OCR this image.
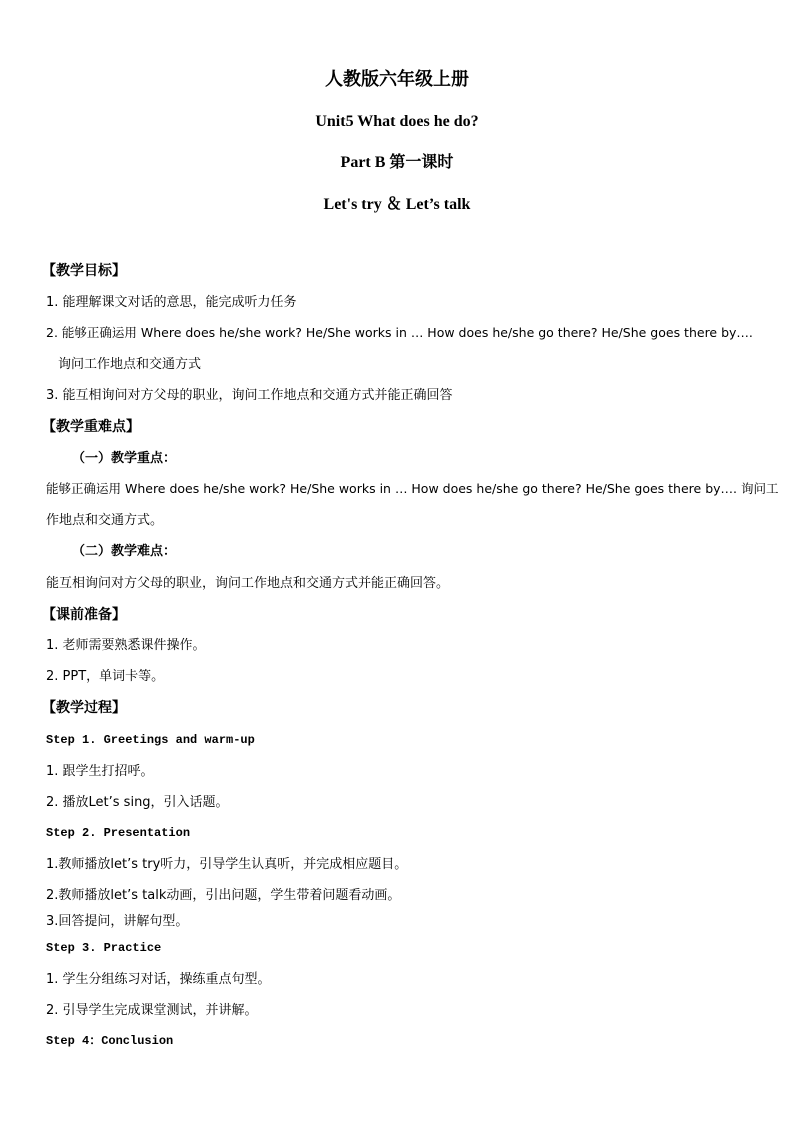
人教版六年级上册
Unit5 What does he do?
Part B 第一课时
Let's try ＆ Let’s talk
【教学目标】
1. 能理解课文对话的意思，能完成听力任务
2. 能够正确运用 Where does he/she work? He/She works in … How does he/she go there? He/She goes there by….
询问工作地点和交通方式
3. 能互相询问对方父母的职业，询问工作地点和交通方式并能正确回答
【教学重难点】
（一）教学重点：
能够正确运用 Where does he/she work? He/She works in … How does he/she go there? He/She goes there by…. 询问工
作地点和交通方式。
（二）教学难点：
能互相询问对方父母的职业，询问工作地点和交通方式并能正确回答。
【课前准备】
1. 老师需要熟悉课件操作。
2. PPT，单词卡等。
【教学过程】
Step 1. Greetings and warm-up
1. 跟学生打招呼。
2. 播放Let’s sing，引入话题。
Step 2. Presentation
1.教师播放let’s try听力，引导学生认真听，并完成相应题目。
2.教师播放let’s talk动画，引出问题，学生带着问题看动画。
3.回答提问，讲解句型。
Step 3. Practice
1. 学生分组练习对话，操练重点句型。
2. 引导学生完成课堂测试，并讲解。
Step 4：Conclusion
